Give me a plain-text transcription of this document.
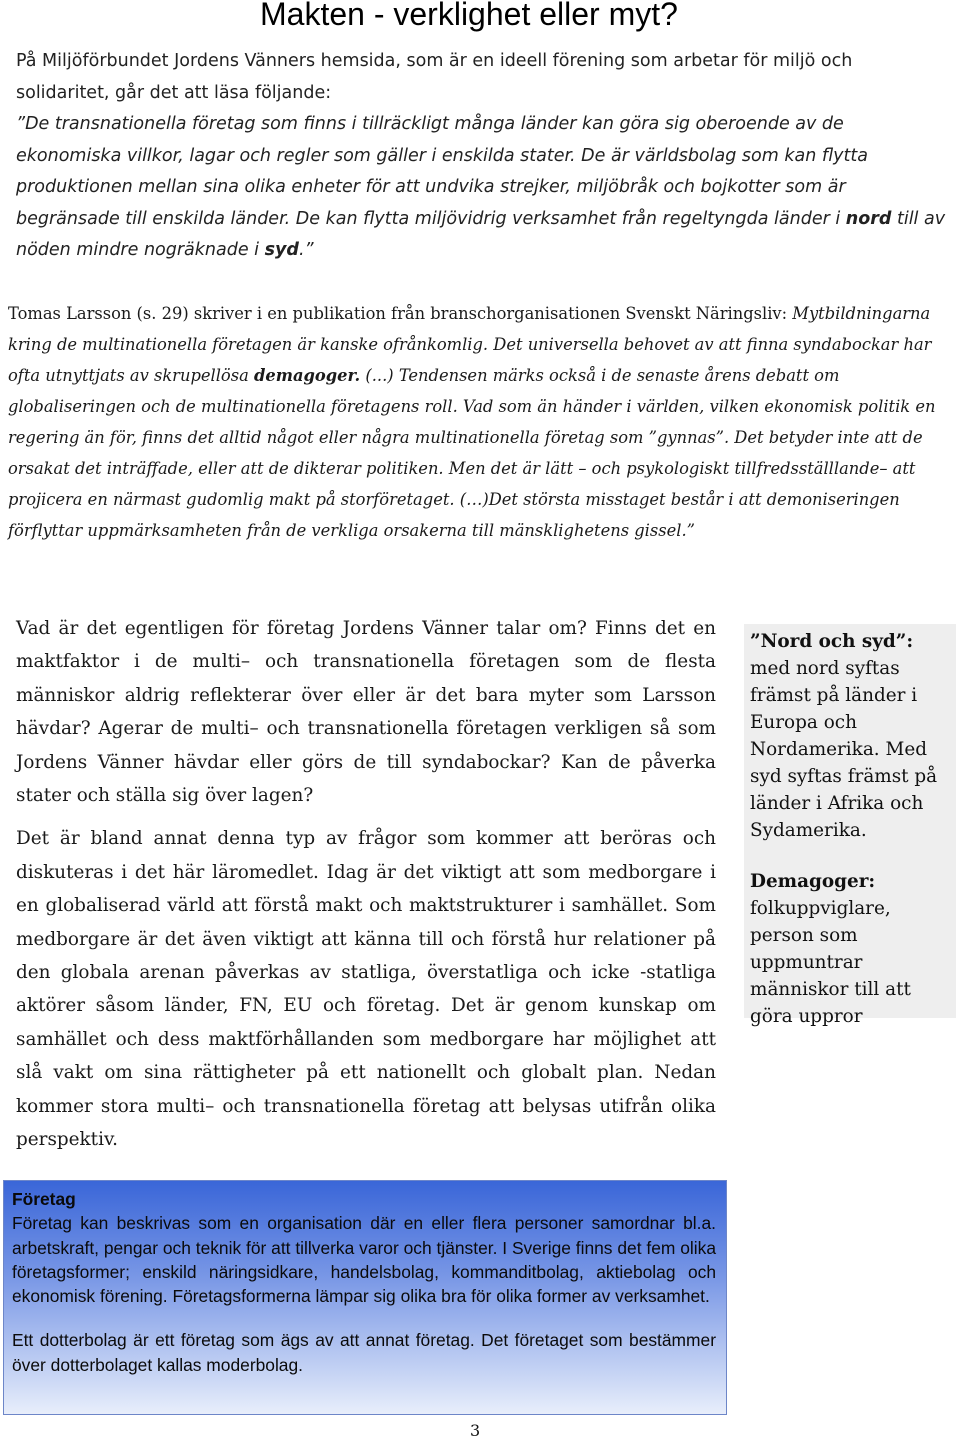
Makten - verklighet eller myt?
På Miljöförbundet Jordens Vänners hemsida, som är en ideell förening som arbetar för miljö och solidaritet, går det att läsa följande:
”De transnationella företag som finns i tillräckligt många länder kan göra sig oberoende av de ekonomiska villkor, lagar och regler som gäller i enskilda stater. De är världsbolag som kan flytta produktionen mellan sina olika enheter för att undvika strejker, miljöbråk och bojkotter som är begränsade till enskilda länder. De kan flytta miljövidrig verksamhet från regeltyngda länder i nord till av nöden mindre nogräknade i syd.”
Tomas Larsson (s. 29) skriver i en publikation från branschorganisationen Svenskt Näringsliv: Mytbildningarna kring de multinationella företagen är kanske ofrånkomlig. Det universella behovet av att finna syndabockar har ofta utnyttjats av skrupellösa demagoger. (...) Tendensen märks också i de senaste årens debatt om globaliseringen och de multinationella företagens roll. Vad som än händer i världen, vilken ekonomisk politik en regering än för, finns det alltid något eller några multinationella företag som ”gynnas”. Det betyder inte att de orsakat det inträffade, eller att de dikterar politiken. Men det är lätt – och psykologiskt tillfredsställlande– att projicera en närmast gudomlig makt på storföretaget. (…)Det största misstaget består i att demoniseringen förflyttar uppmärksamheten från de verkliga orsakerna till mänsklighetens gissel.”

Vad är det egentligen för företag Jordens Vänner talar om? Finns det en maktfaktor i de multi– och transnationella företagen som de flesta människor aldrig reflekterar över eller är det bara myter som Larsson hävdar? Agerar de multi– och transnationella företagen verkligen så som Jordens Vänner hävdar eller görs de till syndabockar? Kan de påverka stater och ställa sig över lagen?

Det är bland annat denna typ av frågor som kommer att beröras och diskuteras i det här läromedlet. Idag är det viktigt att som medborgare i en globaliserad värld att förstå makt och maktstrukturer i samhället. Som medborgare är det även viktigt att känna till och förstå hur relationer på den globala arenan påverkas av statliga, överstatliga och icke -statliga aktörer såsom länder, FN, EU och företag. Det är genom kunskap om samhället och dess maktförhållanden som medborgare har möjlighet att slå vakt om sina rättigheter på ett nationellt och globalt plan. Nedan kommer stora multi– och transnationella företag att belysas utifrån olika perspektiv.

”Nord och syd”: med nord syftas främst på länder i Europa och Nordamerika. Med syd syftas främst på länder i Afrika och Sydamerika.
Demagoger: folkuppviglare, person som uppmuntrar människor till att göra uppror
Företag

Företag kan beskrivas som en organisation där en eller flera personer samordnar bl.a. arbetskraft, pengar och teknik för att tillverka varor och tjänster. I Sverige finns det fem olika företagsformer; enskild näringsidkare, handelsbolag, kommanditbolag, aktiebolag och ekonomisk förening. Företagsformerna lämpar sig olika bra för olika former av verksamhet.

Ett dotterbolag är ett företag som ägs av att annat företag. Det företaget som bestämmer över dotterbolaget kallas moderbolag.

3
